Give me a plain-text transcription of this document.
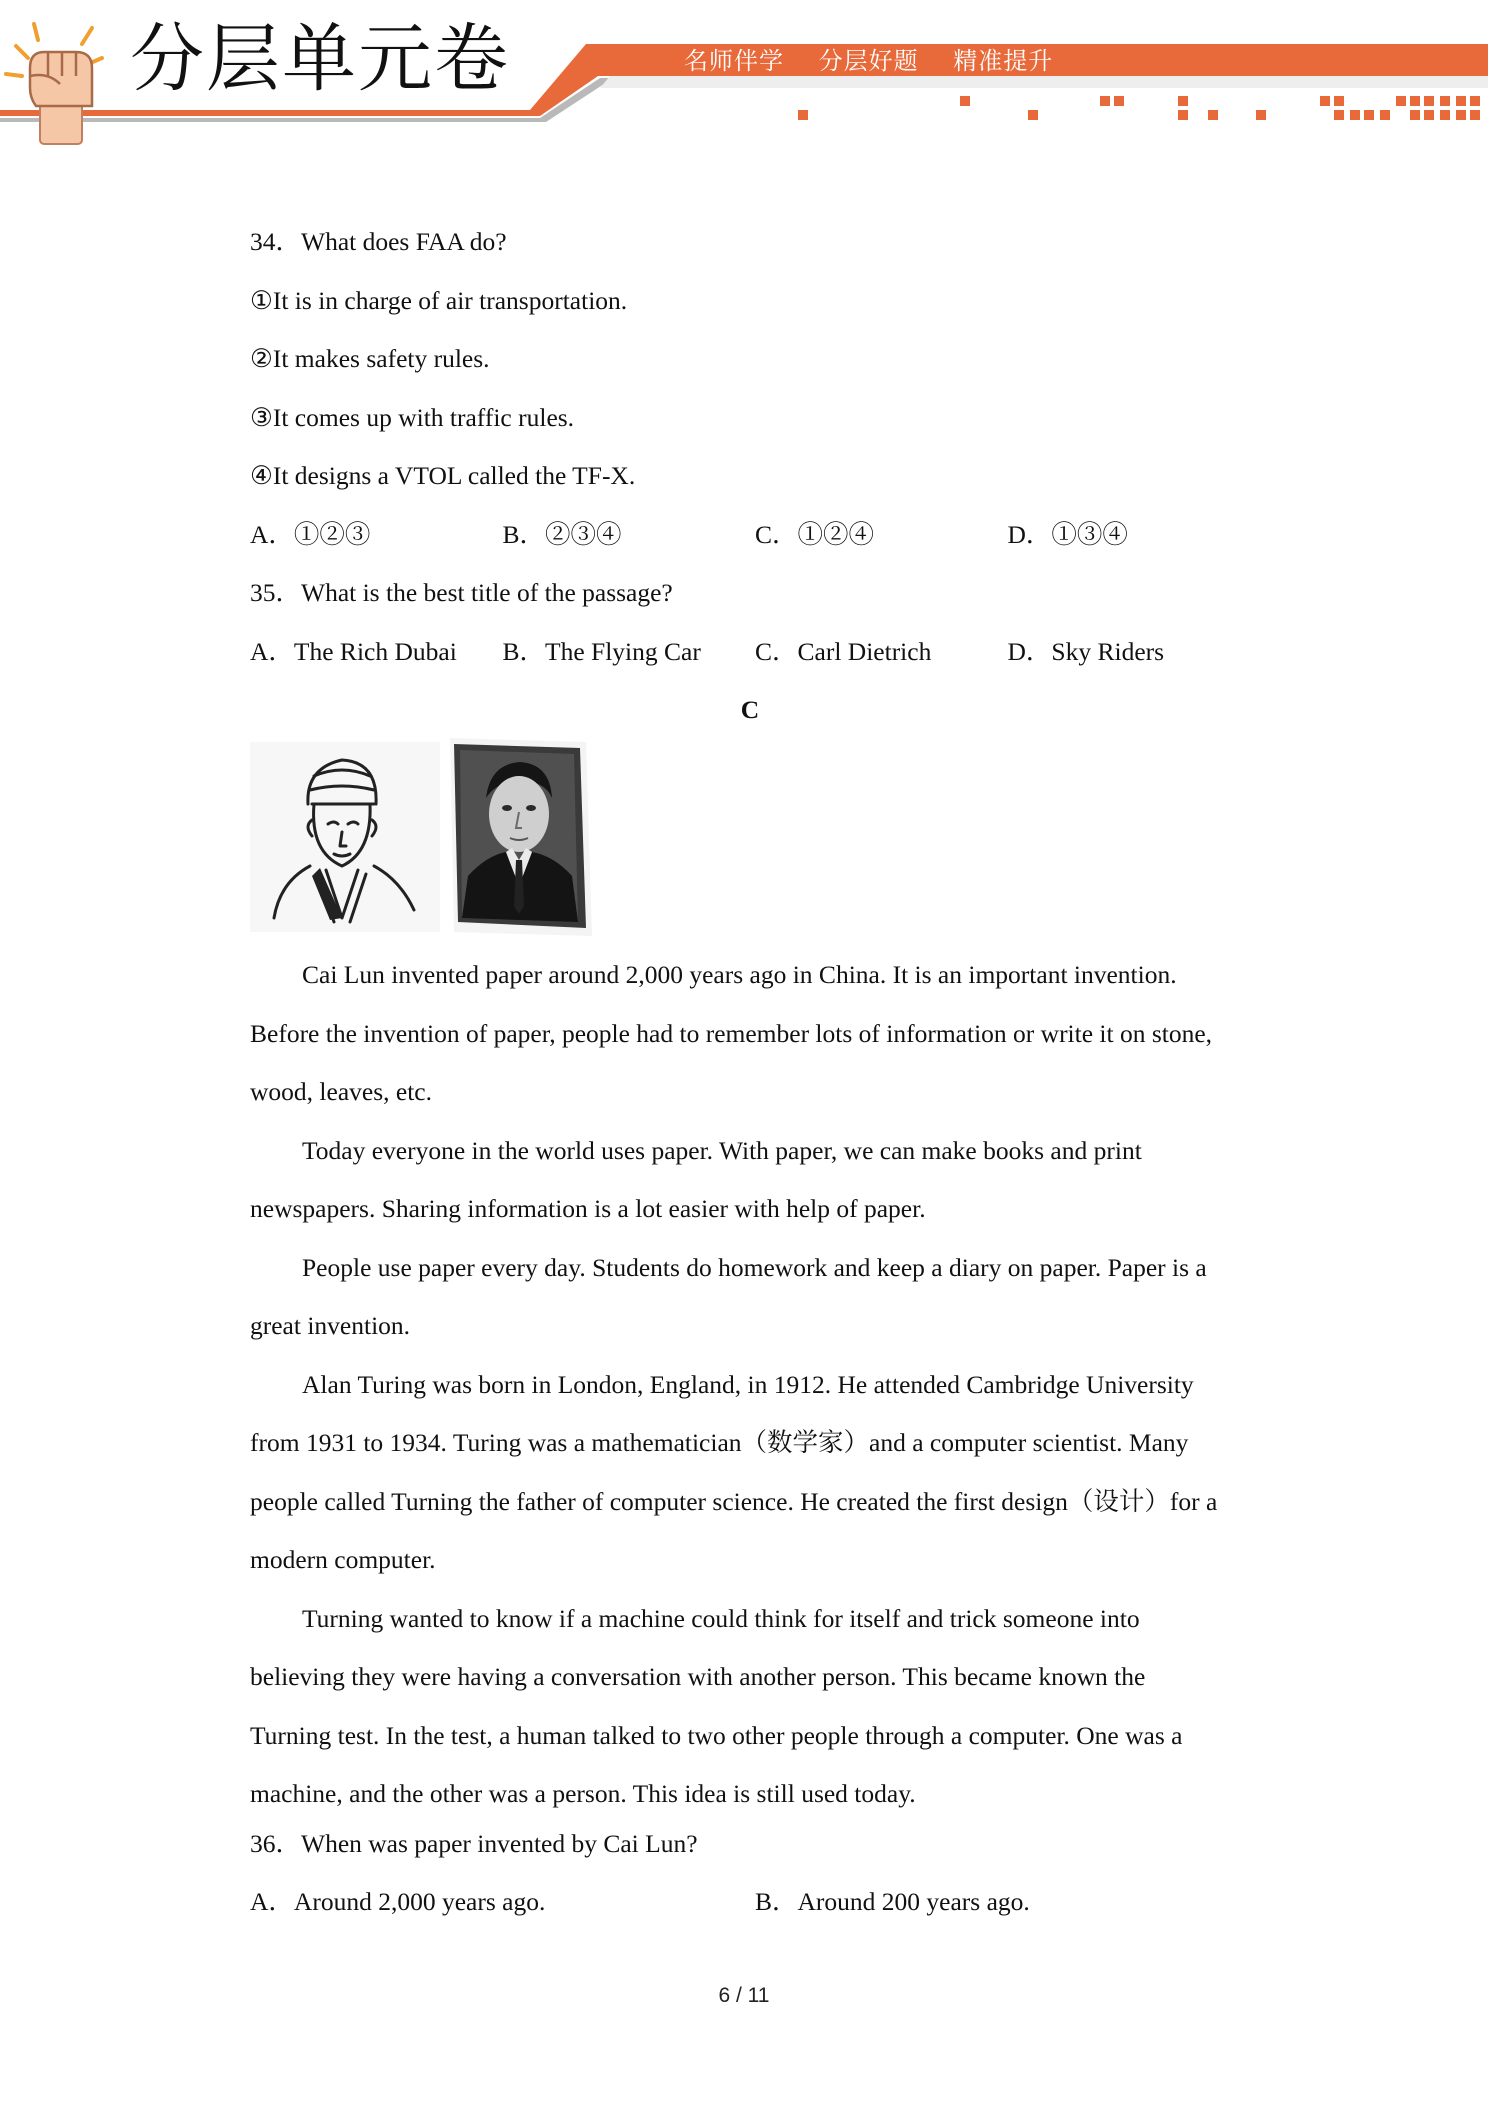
分层单元卷	名师伴学 分层好题 精准提升
34．What does FAA do?
①It is in charge of air transportation.
②It makes safety rules.
③It comes up with traffic rules.
④It designs a VTOL called the TF-X.
A．①②③	B．②③④	C．①②④	D．①③④
35．What is the best title of the passage?
A．The Rich Dubai	B．The Flying Car	C．Carl Dietrich	D．Sky Riders
C
Cai Lun invented paper around 2,000 years ago in China. It is an important invention.
Before the invention of paper, people had to remember lots of information or write it on stone,
wood, leaves, etc.
Today everyone in the world uses paper. With paper, we can make books and print
newspapers. Sharing information is a lot easier with help of paper.
People use paper every day. Students do homework and keep a diary on paper. Paper is a
great invention.
Alan Turing was born in London, England, in 1912. He attended Cambridge University
from 1931 to 1934. Turing was a mathematician（数学家）and a computer scientist. Many
people called Turning the father of computer science. He created the first design（设计）for a
modern computer.
Turning wanted to know if a machine could think for itself and trick someone into
believing they were having a conversation with another person. This became known the
Turning test. In the test, a human talked to two other people through a computer. One was a
machine, and the other was a person. This idea is still used today.
36．When was paper invented by Cai Lun?
A．Around 2,000 years ago.	B．Around 200 years ago.
6 / 11
